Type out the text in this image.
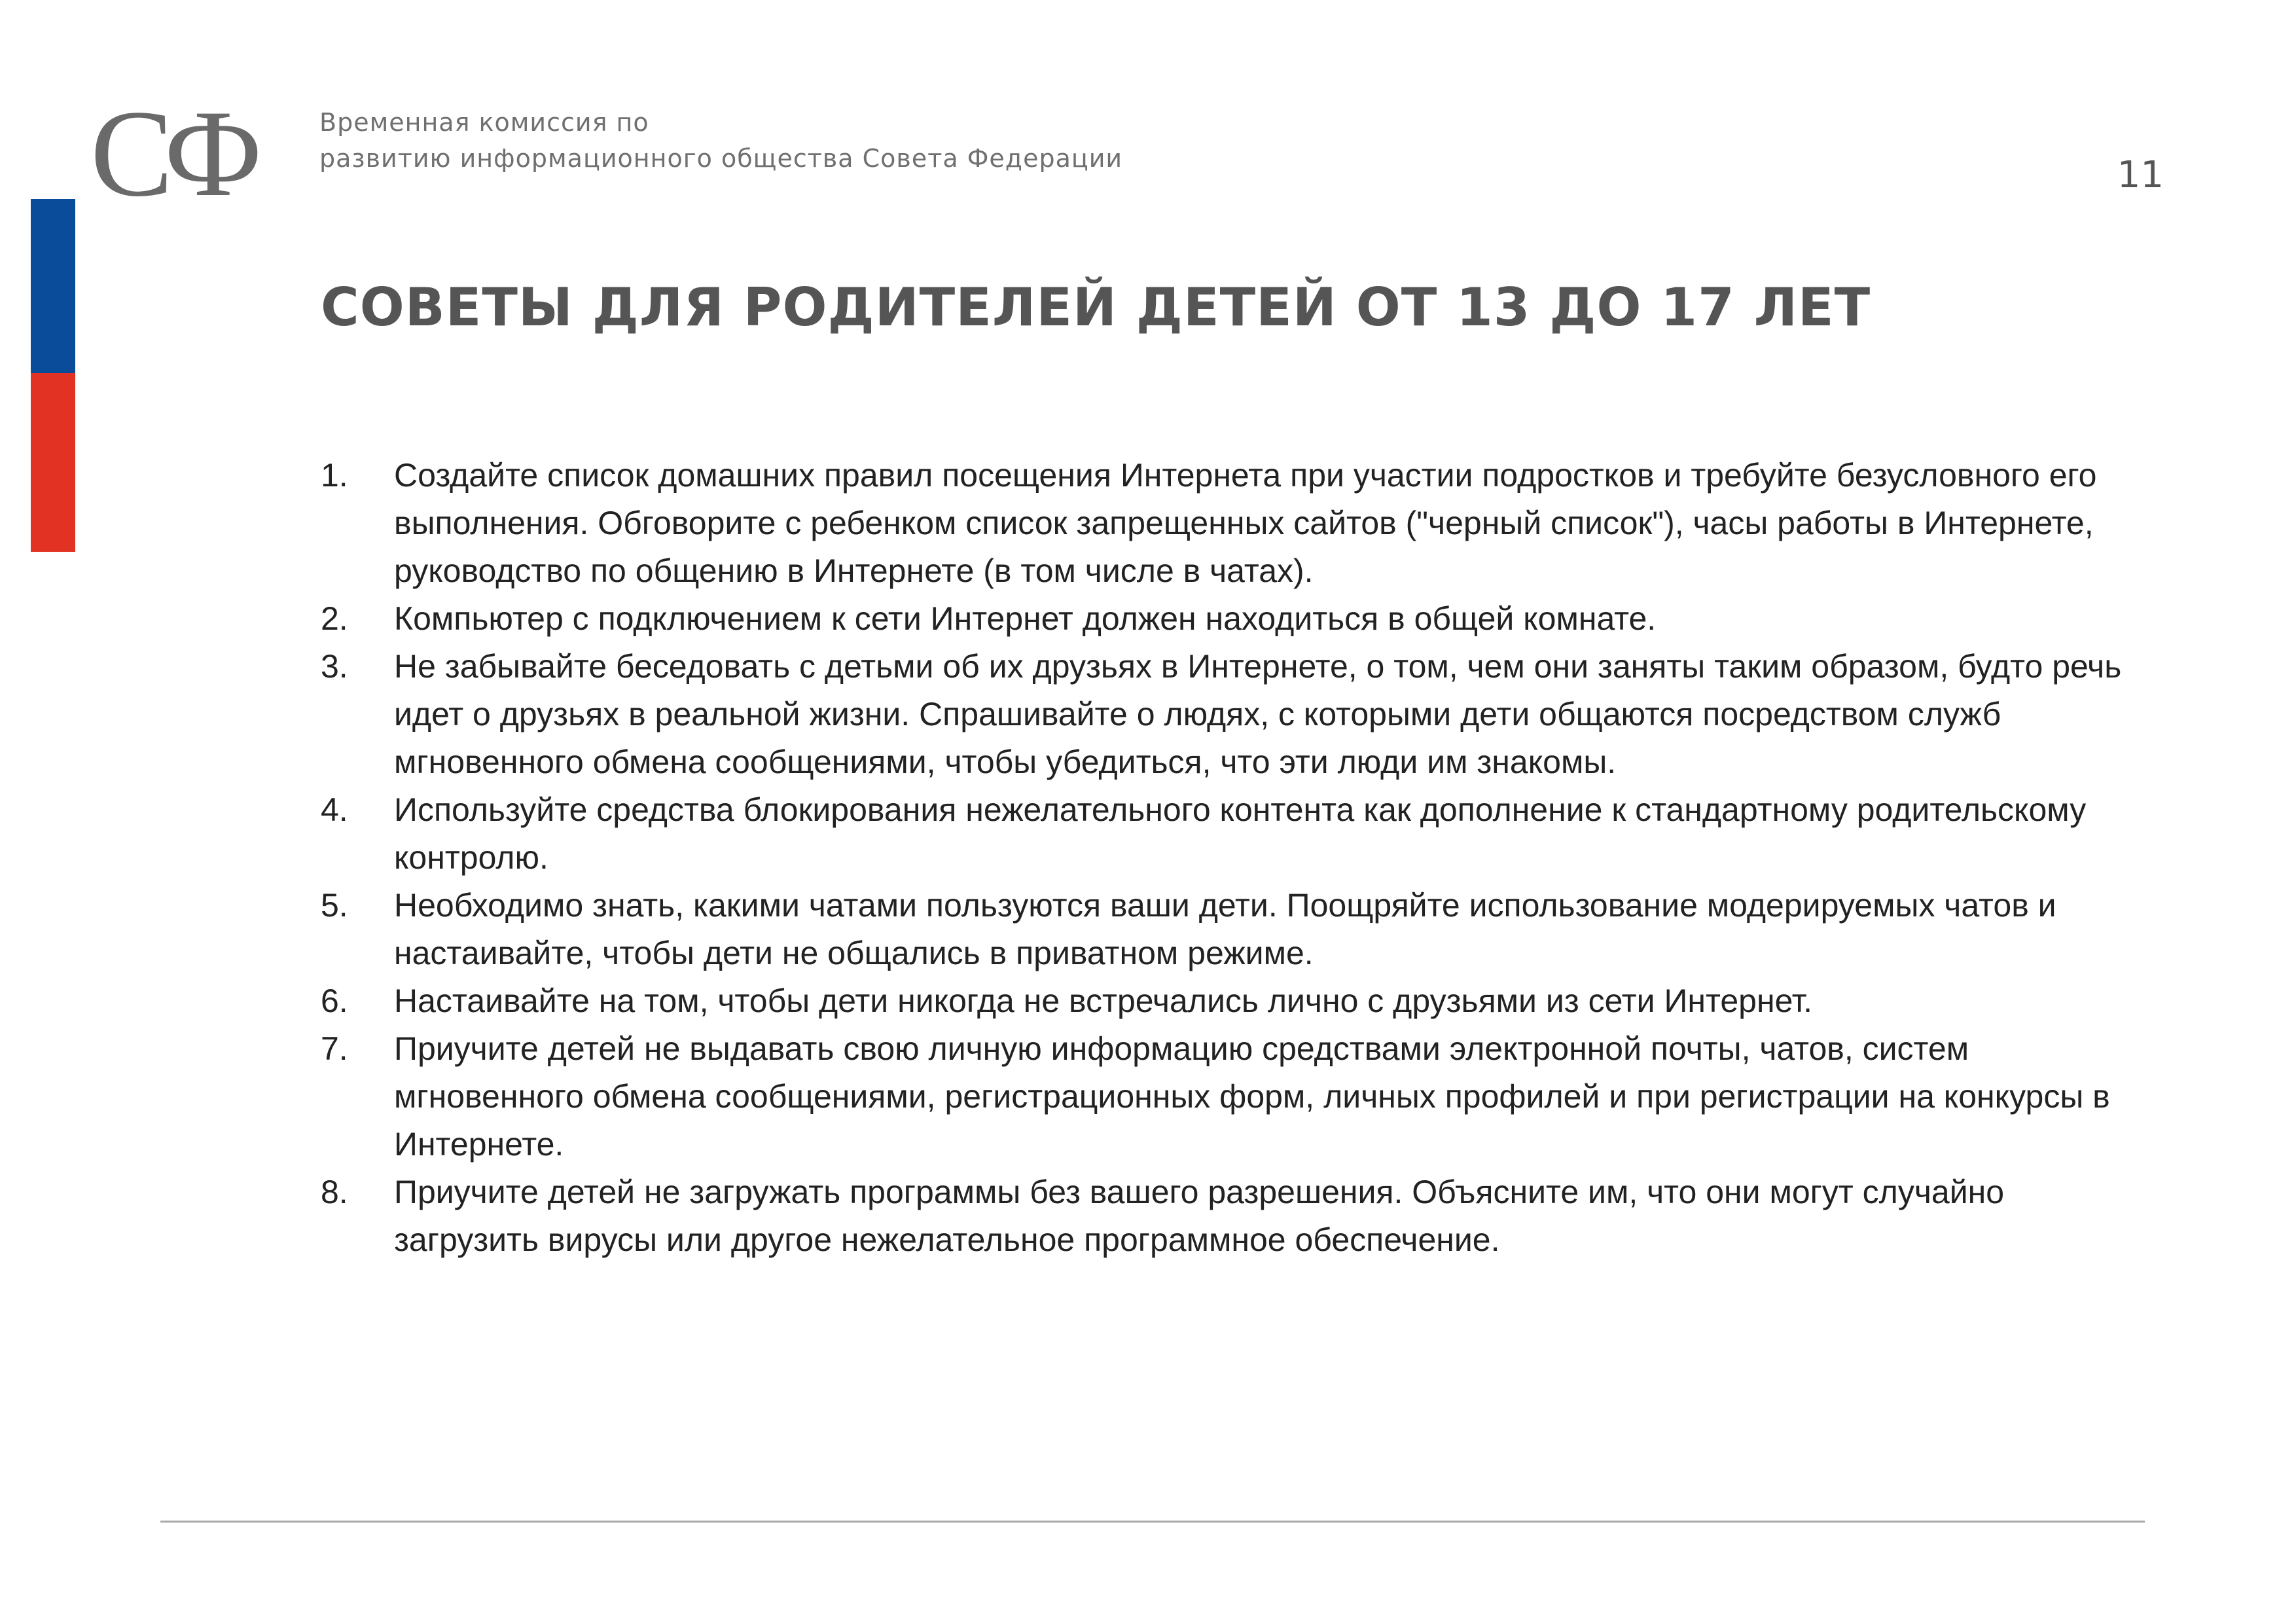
СФ	Временная комиссия по
развитию информационного общества Совета Федерации	11
СОВЕТЫ ДЛЯ РОДИТЕЛЕЙ ДЕТЕЙ ОТ 13 ДО 17 ЛЕТ
1. Создайте список домашних правил посещения Интернета при участии подростков и требуйте безусловного его выполнения. Обговорите с ребенком список запрещенных сайтов ("черный список"), часы работы в Интернете, руководство по общению в Интернете (в том числе в чатах).
2. Компьютер с подключением к сети Интернет должен находиться в общей комнате.
3. Не забывайте беседовать с детьми об их друзьях в Интернете, о том, чем они заняты таким образом, будто речь идет о друзьях в реальной жизни. Спрашивайте о людях, с которыми дети общаются посредством служб мгновенного обмена сообщениями, чтобы убедиться, что эти люди им знакомы.
4. Используйте средства блокирования нежелательного контента как дополнение к стандартному родительскому контролю.
5. Необходимо знать, какими чатами пользуются ваши дети. Поощряйте использование модерируемых чатов и настаивайте, чтобы дети не общались в приватном режиме.
6. Настаивайте на том, чтобы дети никогда не встречались лично с друзьями из сети Интернет.
7. Приучите детей не выдавать свою личную информацию средствами электронной почты, чатов, систем мгновенного обмена сообщениями, регистрационных форм, личных профилей и при регистрации на конкурсы в Интернете.
8. Приучите детей не загружать программы без вашего разрешения. Объясните им, что они могут случайно загрузить вирусы или другое нежелательное программное обеспечение.
